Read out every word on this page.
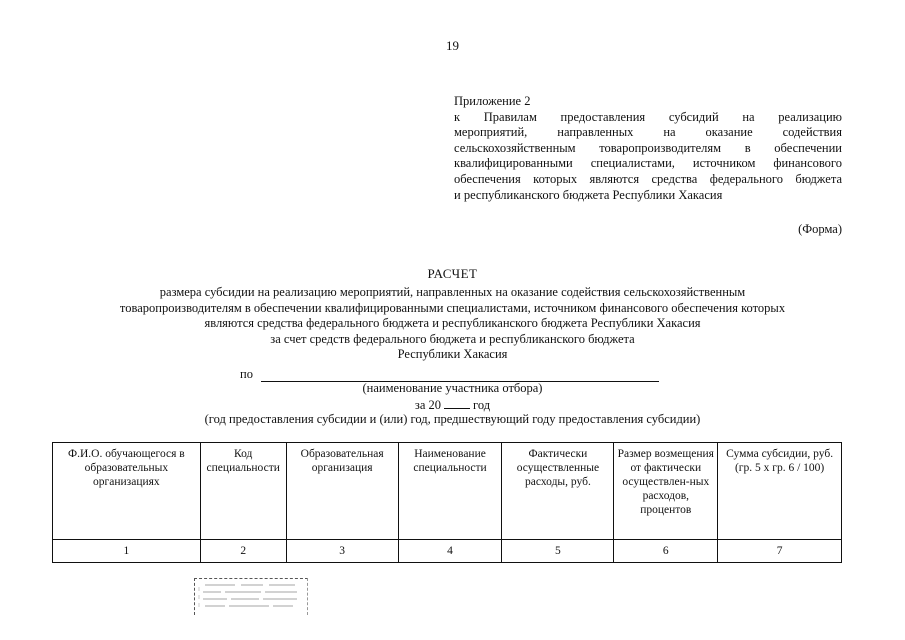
19
Приложение 2
к Правилам предоставления субсидий на реализацию
мероприятий, направленных на оказание содействия
сельскохозяйственным товаропроизводителям в обеспечении
квалифицированными специалистами, источником финансового
обеспечения которых являются средства федерального бюджета
и республиканского бюджета Республики Хакасия
(Форма)
РАСЧЕТ
размера субсидии на реализацию мероприятий, направленных на оказание содействия сельскохозяйственным
товаропроизводителям в обеспечении квалифицированными специалистами, источником финансового обеспечения которых
являются средства федерального бюджета и республиканского бюджета Республики Хакасия
за счет средств федерального бюджета и республиканского бюджета
Республики Хакасия
по
(наименование участника отбора)
за 20	год
(год предоставления субсидии и (или) год, предшествующий году предоставления субсидии)
Ф.И.О. обучающегося в образовательных организациях	Код специальности	Образовательная организация	Наименование специальности	Фактически осуществленные расходы, руб.	Размер возмещения от фактически осуществлен-ных расходов, процентов	Сумма субсидии, руб. (гр. 5 х гр. 6 / 100)
1	2	3	4	5	6	7
